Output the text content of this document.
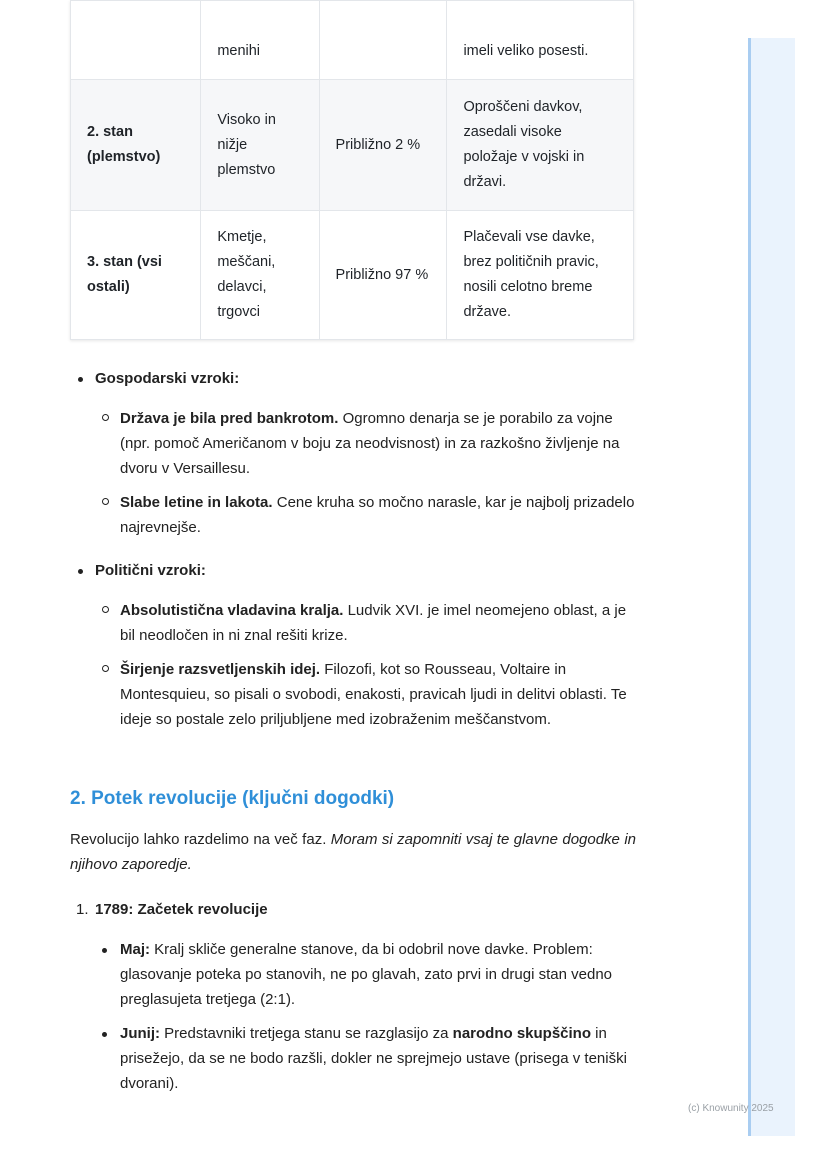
	menihi		imeli veliko posesti.
2. stan (plemstvo)	Visoko in nižje plemstvo	Približno 2 %	Oproščeni davkov, zasedali visoke položaje v vojski in državi.
3. stan (vsi ostali)	Kmetje, meščani, delavci, trgovci	Približno 97 %	Plačevali vse davke, brez političnih pravic, nosili celotno breme države.
Gospodarski vzroki:
Država je bila pred bankrotom. Ogromno denarja se je porabilo za vojne (npr. pomoč Američanom v boju za neodvisnost) in za razkošno življenje na dvoru v Versaillesu.
Slabe letine in lakota. Cene kruha so močno narasle, kar je najbolj prizadelo najrevnejše.
Politični vzroki:
Absolutistična vladavina kralja. Ludvik XVI. je imel neomejeno oblast, a je bil neodločen in ni znal rešiti krize.
Širjenje razsvetljenskih idej. Filozofi, kot so Rousseau, Voltaire in Montesquieu, so pisali o svobodi, enakosti, pravicah ljudi in delitvi oblasti. Te ideje so postale zelo priljubljene med izobraženim meščanstvom.
2. Potek revolucije (ključni dogodki)
Revolucijo lahko razdelimo na več faz. Moram si zapomniti vsaj te glavne dogodke in njihovo zaporedje.
1. 1789: Začetek revolucije
Maj: Kralj skliče generalne stanove, da bi odobril nove davke. Problem: glasovanje poteka po stanovih, ne po glavah, zato prvi in drugi stan vedno preglasujeta tretjega (2:1).
Junij: Predstavniki tretjega stanu se razglasijo za narodno skupščino in prisežejo, da se ne bodo razšli, dokler ne sprejmejo ustave (prisega v teniški dvorani).
(c) Knowunity 2025
